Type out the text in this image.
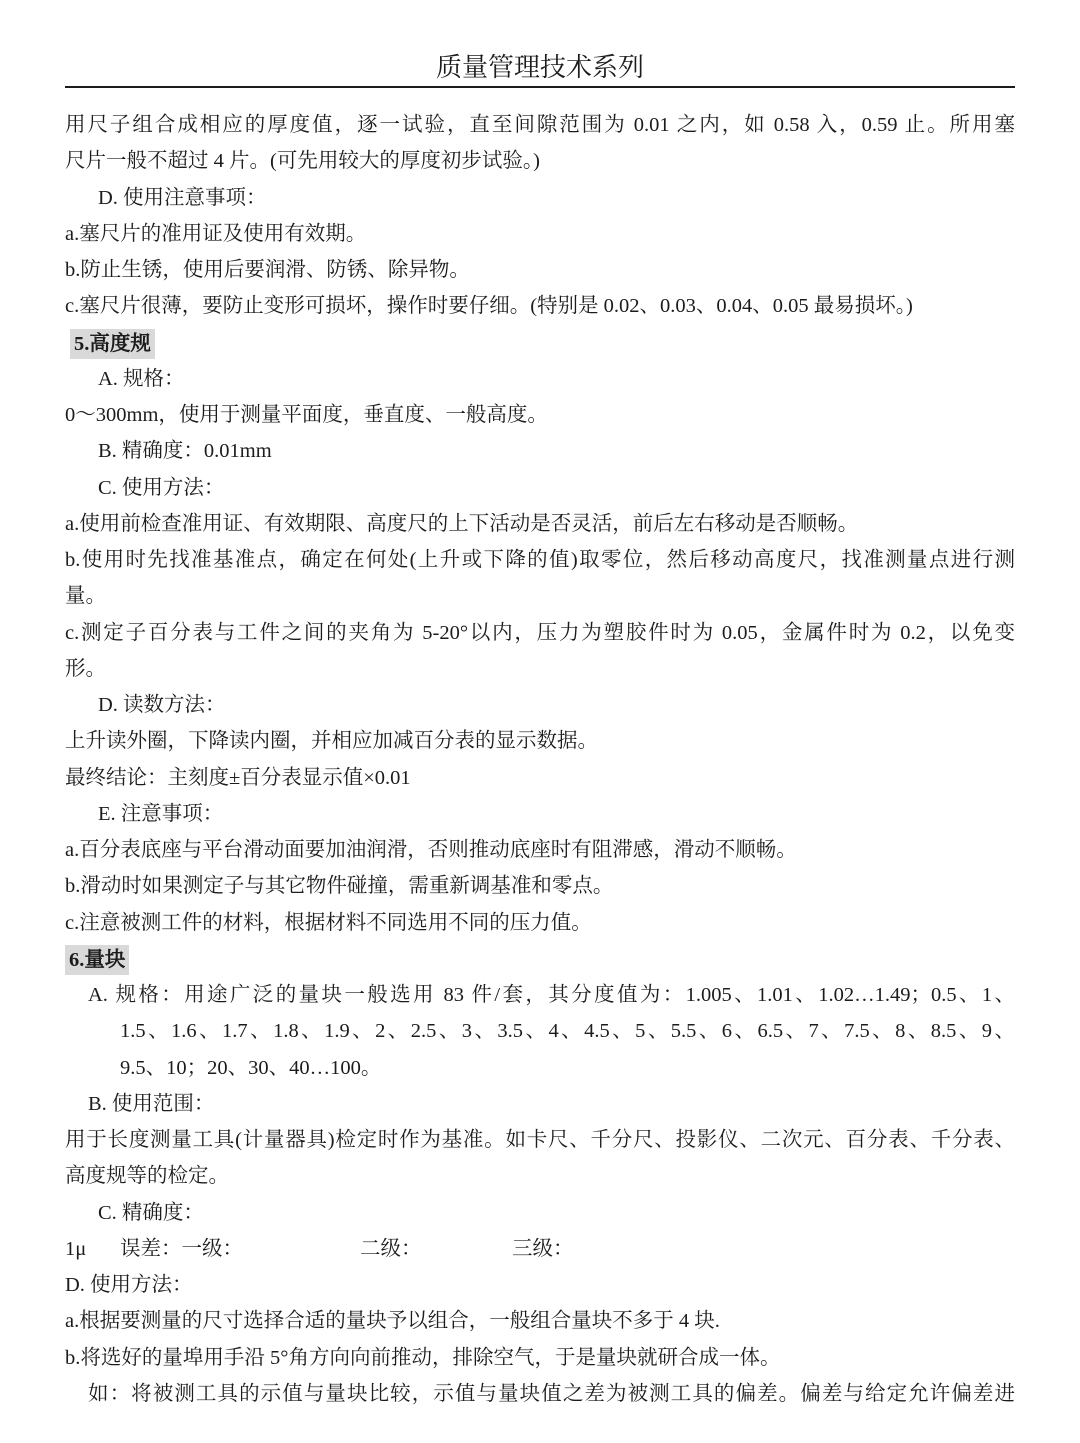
质量管理技术系列
用尺子组合成相应的厚度值，逐一试验，直至间隙范围为 0.01 之内，如 0.58 入，0.59 止。所用塞
尺片一般不超过 4 片。(可先用较大的厚度初步试验。)
D. 使用注意事项：
a.塞尺片的准用证及使用有效期。
b.防止生锈，使用后要润滑、防锈、除异物。
c.塞尺片很薄，要防止变形可损坏，操作时要仔细。(特别是 0.02、0.03、0.04、0.05 最易损坏。)
5.高度规
A. 规格：
0～300mm，使用于测量平面度，垂直度、一般高度。
B. 精确度：0.01mm
C. 使用方法：
a.使用前检查准用证、有效期限、高度尺的上下活动是否灵活，前后左右移动是否顺畅。
b.使用时先找准基准点，确定在何处(上升或下降的值)取零位，然后移动高度尺，找准测量点进行测
量。
c.测定子百分表与工件之间的夹角为 5-20°以内，压力为塑胶件时为 0.05，金属件时为 0.2，以免变
形。
D. 读数方法：
上升读外圈，下降读内圈，并相应加减百分表的显示数据。
最终结论：主刻度±百分表显示值×0.01
E. 注意事项：
a.百分表底座与平台滑动面要加油润滑，否则推动底座时有阻滞感，滑动不顺畅。
b.滑动时如果测定子与其它物件碰撞，需重新调基准和零点。
c.注意被测工件的材料，根据材料不同选用不同的压力值。
6.量块
A. 规格：用途广泛的量块一般选用 83 件/套，其分度值为：1.005、1.01、1.02…1.49；0.5、1、
1.5、1.6、1.7、1.8、1.9、2、2.5、3、3.5、4、4.5、5、5.5、6、6.5、7、7.5、8、8.5、9、
9.5、10；20、30、40…100。
B. 使用范围：
用于长度测量工具(计量器具)检定时作为基准。如卡尺、千分尺、投影仪、二次元、百分表、千分表、
高度规等的检定。
C. 精确度：
1μ 误差：一级：	二级：	三级：
D. 使用方法：
a.根据要测量的尺寸选择合适的量块予以组合，一般组合量块不多于 4 块.
b.将选好的量埠用手沿 5°角方向向前推动，排除空气，于是量块就研合成一体。
如：将被测工具的示值与量块比较，示值与量块值之差为被测工具的偏差。偏差与给定允许偏差进
